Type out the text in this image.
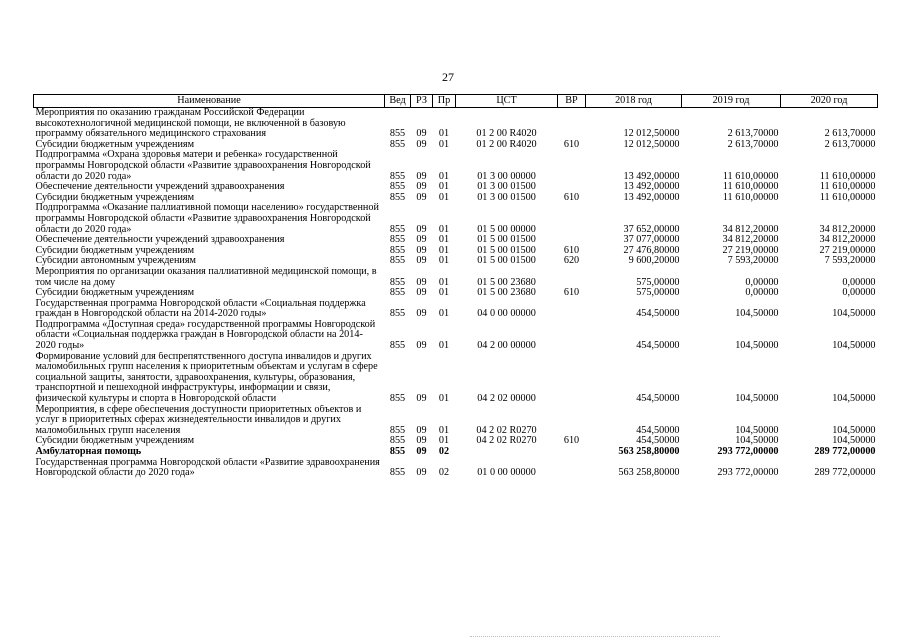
27
Наименование	Вед	РЗ	Пр	ЦСТ	ВР	2018 год	2019 год	2020 год
Мероприятия по оказанию гражданам Российской Федерации высокотехнологичной медицинской помощи, не включенной в базовую программу обязательного медицинского страхования	855	09	01	01 2 00 R4020		12 012,50000	2 613,70000	2 613,70000
Субсидии бюджетным учреждениям	855	09	01	01 2 00 R4020	610	12 012,50000	2 613,70000	2 613,70000
Подпрограмма «Охрана здоровья матери и ребенка» государственной программы Новгородской области «Развитие здравоохранения Новгородской области до 2020 года»	855	09	01	01 3 00 00000		13 492,00000	11 610,00000	11 610,00000
Обеспечение деятельности учреждений здравоохранения	855	09	01	01 3 00 01500		13 492,00000	11 610,00000	11 610,00000
Субсидии бюджетным учреждениям	855	09	01	01 3 00 01500	610	13 492,00000	11 610,00000	11 610,00000
Подпрограмма «Оказание паллиативной помощи населению» государственной программы Новгородской области «Развитие здравоохранения Новгородской области до 2020 года»	855	09	01	01 5 00 00000		37 652,00000	34 812,20000	34 812,20000
Обеспечение деятельности учреждений здравоохранения	855	09	01	01 5 00 01500		37 077,00000	34 812,20000	34 812,20000
Субсидии бюджетным учреждениям	855	09	01	01 5 00 01500	610	27 476,80000	27 219,00000	27 219,00000
Субсидии автономным учреждениям	855	09	01	01 5 00 01500	620	9 600,20000	7 593,20000	7 593,20000
Мероприятия по организации оказания паллиативной медицинской помощи, в том числе на дому	855	09	01	01 5 00 23680		575,00000	0,00000	0,00000
Субсидии бюджетным учреждениям	855	09	01	01 5 00 23680	610	575,00000	0,00000	0,00000
Государственная программа Новгородской области «Социальная поддержка граждан в Новгородской области на 2014-2020 годы»	855	09	01	04 0 00 00000		454,50000	104,50000	104,50000
Подпрограмма «Доступная среда» государственной программы Новгородской области «Социальная поддержка граждан в Новгородской области на 2014-2020 годы»	855	09	01	04 2 00 00000		454,50000	104,50000	104,50000
Формирование условий для беспрепятственного доступа инвалидов и других маломобильных групп населения к приоритетным объектам и услугам в сфере социальной защиты, занятости, здравоохранения, культуры, образования, транспортной и пешеходной инфраструктуры, информации и связи, физической культуры и спорта в Новгородской области	855	09	01	04 2 02 00000		454,50000	104,50000	104,50000
Мероприятия, в сфере обеспечения доступности приоритетных объектов и услуг в приоритетных сферах жизнедеятельности инвалидов и других маломобильных групп населения	855	09	01	04 2 02 R0270		454,50000	104,50000	104,50000
Субсидии бюджетным учреждениям	855	09	01	04 2 02 R0270	610	454,50000	104,50000	104,50000
Амбулаторная помощь	855	09	02			563 258,80000	293 772,00000	289 772,00000
Государственная программа Новгородской области «Развитие здравоохранения Новгородской области до 2020 года»	855	09	02	01 0 00 00000		563 258,80000	293 772,00000	289 772,00000
